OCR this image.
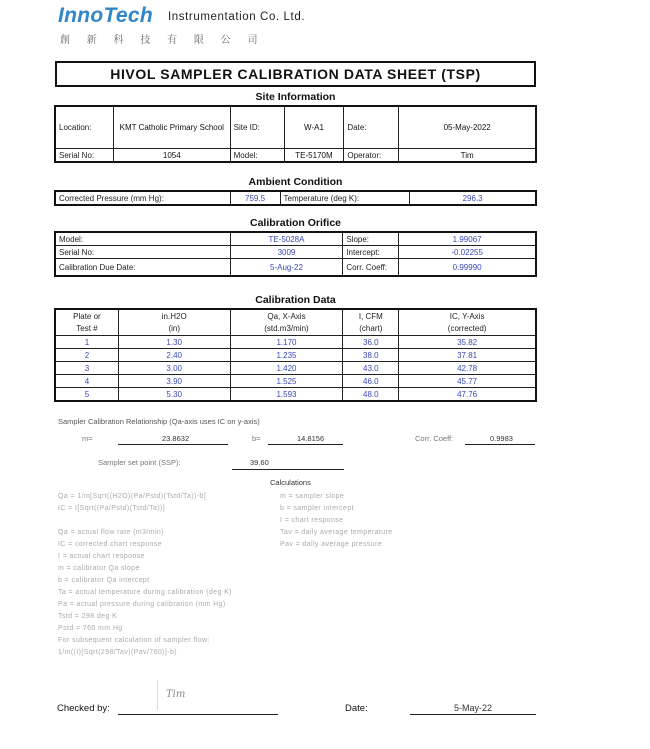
InnoTech Instrumentation Co. Ltd.
創 新 科 技 有 限 公 司
HIVOL SAMPLER CALIBRATION DATA SHEET (TSP)
Site Information
Location:	KMT Catholic Primary School	Site ID:	W-A1	Date:	05-May-2022
Serial No:	1054	Model:	TE-5170M	Operator:	Tim
Ambient Condition
Corrected Pressure (mm Hg):	759.5	Temperature (deg K):	296.3
Calibration Orifice
Model:	TE-5028A	Slope:	1.99067
Serial No:	3009	Intercept:	-0.02255
Calibration Due Date:	5-Aug-22	Corr. Coeff:	0.99990
Calibration Data
Plate or	in.H2O	Qa, X-Axis	I, CFM	IC, Y-Axis
Test #	(in)	(std.m3/min)	(chart)	(corrected)
1	1.30	1.170	36.0	35.82
2	2.40	1.235	38.0	37.81
3	3.00	1.420	43.0	42.78
4	3.90	1.525	46.0	45.77
5	5.30	1.593	48.0	47.76
Sampler Calibration Relationship (Qa-axis uses IC on y-axis)
m=	23.8632	b=	14.8156	Corr. Coeff:	0.9983
Sampler set point (SSP):	39.60
Calculations
Qa = 1/m[Sqrt((H2O)(Pa/Pstd)(Tstd/Ta))-b]
IC = I[Sqrt((Pa/Pstd)(Tstd/Ta))]
Qa = actual flow rate (m3/min)
IC = corrected chart response
I = actual chart response
m = calibrator Qa slope
b = calibrator Qa intercept
Ta = actual temperature during calibration (deg K)
Pa = actual pressure during calibration (mm Hg)
Tstd = 298 deg K
Pstd = 760 mm Hg
For subsequent calculation of sampler flow:
1/m((I)[Sqrt(298/Tav)(Pav/760)]-b)
m = sampler slope
b = sampler intercept
I = chart response
Tav = daily average temperature
Pav = daily average pressure
Tim
Checked by:	Date:	5-May-22
